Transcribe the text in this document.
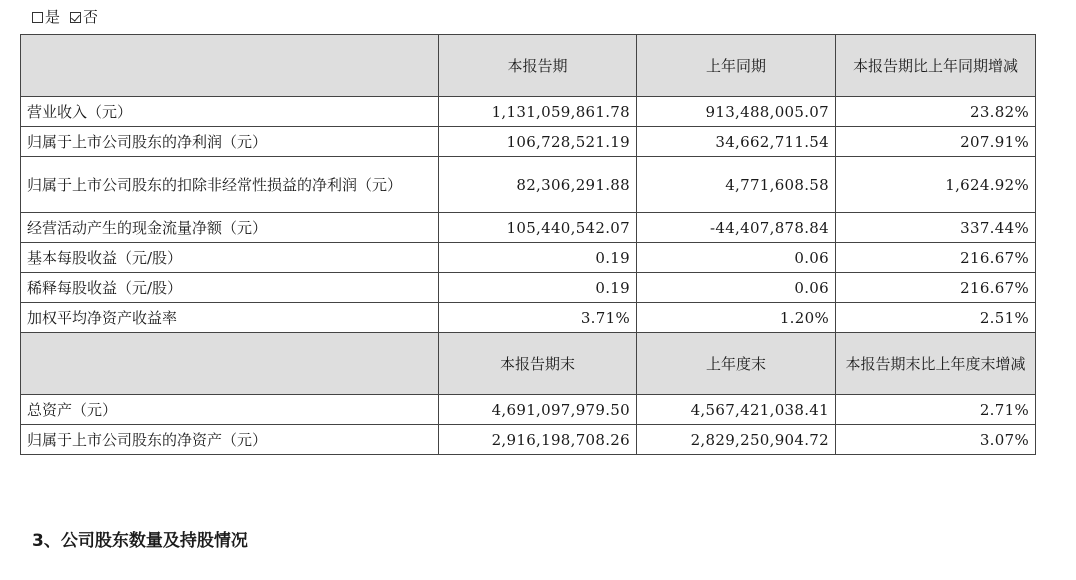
是 否
	本报告期	上年同期	本报告期比上年同期增减
营业收入（元）	1,131,059,861.78	913,488,005.07	23.82%
归属于上市公司股东的净利润（元）	106,728,521.19	34,662,711.54	207.91%
归属于上市公司股东的扣除非经常性损益的净利润（元）	82,306,291.88	4,771,608.58	1,624.92%
经营活动产生的现金流量净额（元）	105,440,542.07	-44,407,878.84	337.44%
基本每股收益（元/股）	0.19	0.06	216.67%
稀释每股收益（元/股）	0.19	0.06	216.67%
加权平均净资产收益率	3.71%	1.20%	2.51%
	本报告期末	上年度末	本报告期末比上年度末增减
总资产（元）	4,691,097,979.50	4,567,421,038.41	2.71%
归属于上市公司股东的净资产（元）	2,916,198,708.26	2,829,250,904.72	3.07%
3、公司股东数量及持股情况
